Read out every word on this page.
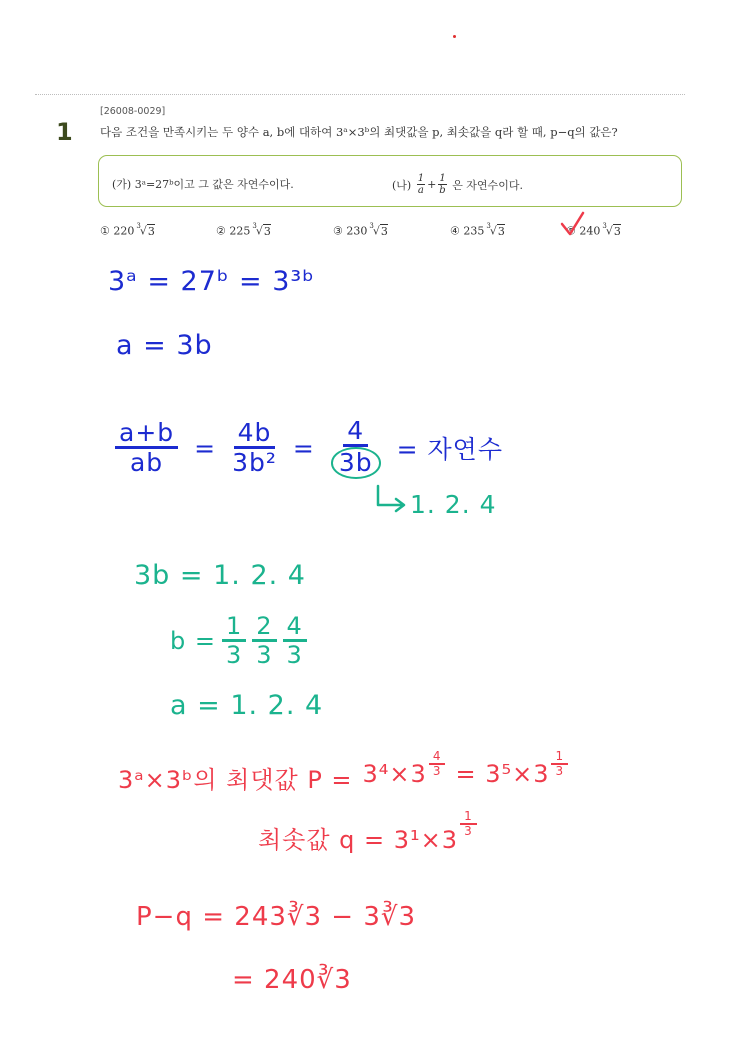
[26008-0029]
1 다음 조건을 만족시키는 두 양수 a, b에 대하여 3ᵃ×3ᵇ의 최댓값을 p, 최솟값을 q라 할 때, p−q의 값은?
(가) 3ᵃ=27ᵇ이고 그 값은 자연수이다.	(나)
$\frac{1}{a} + \frac{1}{b}$
은 자연수이다.
① 220 $^3$√3	② 225 $^3$√3	③ 230 $^3$√3	④ 235 $^3$√3	⑤ 240 $^3$√3
3ᵃ = 27ᵇ = 3³ᵇ
a = 3b
$\frac{a+b}{ab} = \frac{4b}{\text{3b²}} = \frac{4}{3b}$ = 자연수
1. 2. 4
3b = 1. 2. 4
$b = \frac{1}{3} \frac{2}{3} \frac{4}{3}$
a = 1. 2. 4
3ᵃ×3ᵇ의 최댓값 $P = 3^4\times 3 \frac{4}{3} = 3^5\times 3 \frac{1}{3}$
최솟값 q = 3¹×3
$\frac{1}{3}$
P−q = 243∛3 − 3∛3
= 240∛3
